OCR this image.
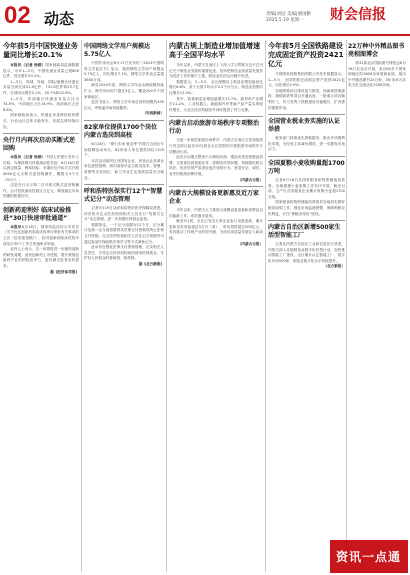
02 动态	责编|刘冠 美编|谢国勤
2025.5.19 星期一	财会信报
今年前5月中国快递业务量同比增长20.1%

本报讯（记者 杨群）国家邮政局监测数据显示，今年1—5月，中国快递业务量已超800亿件，同比增长20.1%。

1—5月，同城、异地、国际/港澳台快递业务量分别完成51.6亿件、731.8亿件和23.7亿件，分别同比增长5.1%、20.7%和22.8%。

1—5月，东部地区快递业务量占比为74.5%，中部地区占比16.9%，西部地区占比8.6%。

国家邮政局表示，快递业务量保持较快增长，行业运行总体平稳有序，发展态势持续向好。

央行月内再次启动买断式逆回购

本报讯（记者 杨群）中国人民银行发布公告称，为保持银行体系流动性充裕，6月16日将以固定数量、利率招标、多重价位中标方式开展4000亿元买断式逆回购操作，期限为3个月（91天）。

这是央行本月第二次开展买断式逆回购操作，合计投放流动性超过万亿元，释放稳定市场预期的积极信号。

创新药迎利好 临床试验推进“30日快速审批通道”

本报讯6月16日，国家药监局综合司发布《关于优化创新药临床试验审评审批有关事项的公告（征求意见稿）》，拟对创新药临床试验申请实行30个工作日快速审评审批。

业内人士表示，这一举措将进一步缩短创新药研发周期，加快创新药上市进程，提升我国创新药产业的国际竞争力，更好满足患者用药需求。

据《经济参考报》
中国网络文学用户规模达5.75亿人

中国作家协会6月17日发布的《2024中国网络文学蓝皮书》显示，我国网络文学用户规模达5.75亿人，同比增长7.1%，网络文学作品总量超3600万部。

截至2024年底，网络文学作品出海规模持续扩大，海外访问用户超过3亿人，覆盖200多个国家和地区。

蓝皮书显示，网络文学市场总营收规模约430亿元，IP改编市场持续繁荣。

（央视新闻）
82家单位提供1700个岗位 内蒙古选岗到高校

6月18日，“职引未来 就业季”内蒙古自治区专场招聘活动举办，82家用人单位提供岗位1700个。

本次活动组织区内国有企业、民营企业及事业单位进校招聘，面向高校毕业生推出技术、管理、营销等多类岗位，助力毕业生实现高质量充分就业。

呼和浩特医保实行12个“智慧式记分”动态管理

记者5月19日从呼和浩特市医疗保障局获悉，该市将对定点医药机构相关人员实行“驾照式记分”动态管理，进一步加强医保基金监管。

根据规定，一个记分周期为12个月，记分累计达到一定分值将暂停其医保支付资格或终止医保支付资格。定点医药机构相关人员在记分周期内可通过参加医保政策法规学习等方式减免记分。

此举旨在强化医保支付资格管理，压实相关人员责任，引导定点医药机构规范使用医保基金，守护好人民群众的看病钱、救命钱。

据《北方新报》
内蒙古规上制造业增加值增速高于全国平均水平

今年以来，内蒙古自治区上下深入学习贯彻习近平总书记关于制造业发展的重要论述，坚持把制造业高质量发展作为经济工作的重中之重，制造业经济运行稳中有进。

数据显示，1—5月，全区规模以上制造业增加值同比增长8.6%，高于全国平均水平2.2个百分点；制造业投资同比增长12.3%。

其中，装备制造业增加值增长15.7%，新材料产业增长11.2%，工业机器人、新能源汽车等新产品产量实现较快增长，为全区经济持续回升向好提供了有力支撑。

内蒙古启动旅游市场秩序专项整治行动

为进一步规范旅游市场秩序，内蒙古自治区文化和旅游厅决定即日起至10月底在全区范围内开展旅游市场秩序专项整治行动。

此次行动重点整治不合理低价游、强迫或者变相强迫消费、无资质经营旅游业务、虚假宣传等问题，持续强化联合执法，依法依规严肃查处违法违规行为，营造安全、诚信、有序的旅游消费环境。

（内蒙古日报）
内蒙古大规模设备更新惠及近万家企业

今年以来，内蒙古大力推进大规模设备更新和消费品以旧换新工作，成效逐步显现。

截至5月底，全区已有近万家企业参与设备更新，累计更新各类设备超过3万台（套），带动投资超过200亿元，有效推动了传统产业转型升级，为经济高质量发展注入新动能。

（内蒙古日报）
今年前5月全国铁路建设完成固定资产投资2421亿元

中国国家铁路集团有限公司发布数据显示，1—5月，全国铁路完成固定资产投资2421亿元，同比增长5.9%。

各地铁路项目建设加力推进，西渝高铁康渝段、潍烟高铁等项目开通运营，一批重大项目顺利开工，有力发挥了铁路建设对稳增长、扩内需的重要作用。

全国营业税业务实施的认证举措

税务部门持续优化纳税服务，推出多项便利化举措，为经营主体减负增效，进一步激发市场活力。

全国夏粮小麦收购量超1700万吨

记者6月18日从国家粮食和物资储备局获悉，各地夏粮小麦收购工作有序开展，截至目前，主产区各类粮食企业累计收购小麦超1700万吨。

国家粮食和物资储备局将指导各地切实做好粮食收购工作，强化市场监测预警，保障种粮农民利益，守住“种粮卖得出”底线。

内蒙古自治区新增500家生活型智能工厂

记者从内蒙古自治区工业和信息化厅获悉，内蒙古深入实施制造业数字化转型行动，加快推动智能工厂建设，全区累计认定智能工厂、数字化车间500家，制造业数字化水平持续提升。

（北方新报）
22万种中外精品图书亮相图博会

第31届北京国际图书博览会6月18日在北京开幕，来自80多个国家和地区的1600余家展商参展，展出中外精品图书22万种，3年来举办各类文化交流活动1000余场。

资讯一点通
